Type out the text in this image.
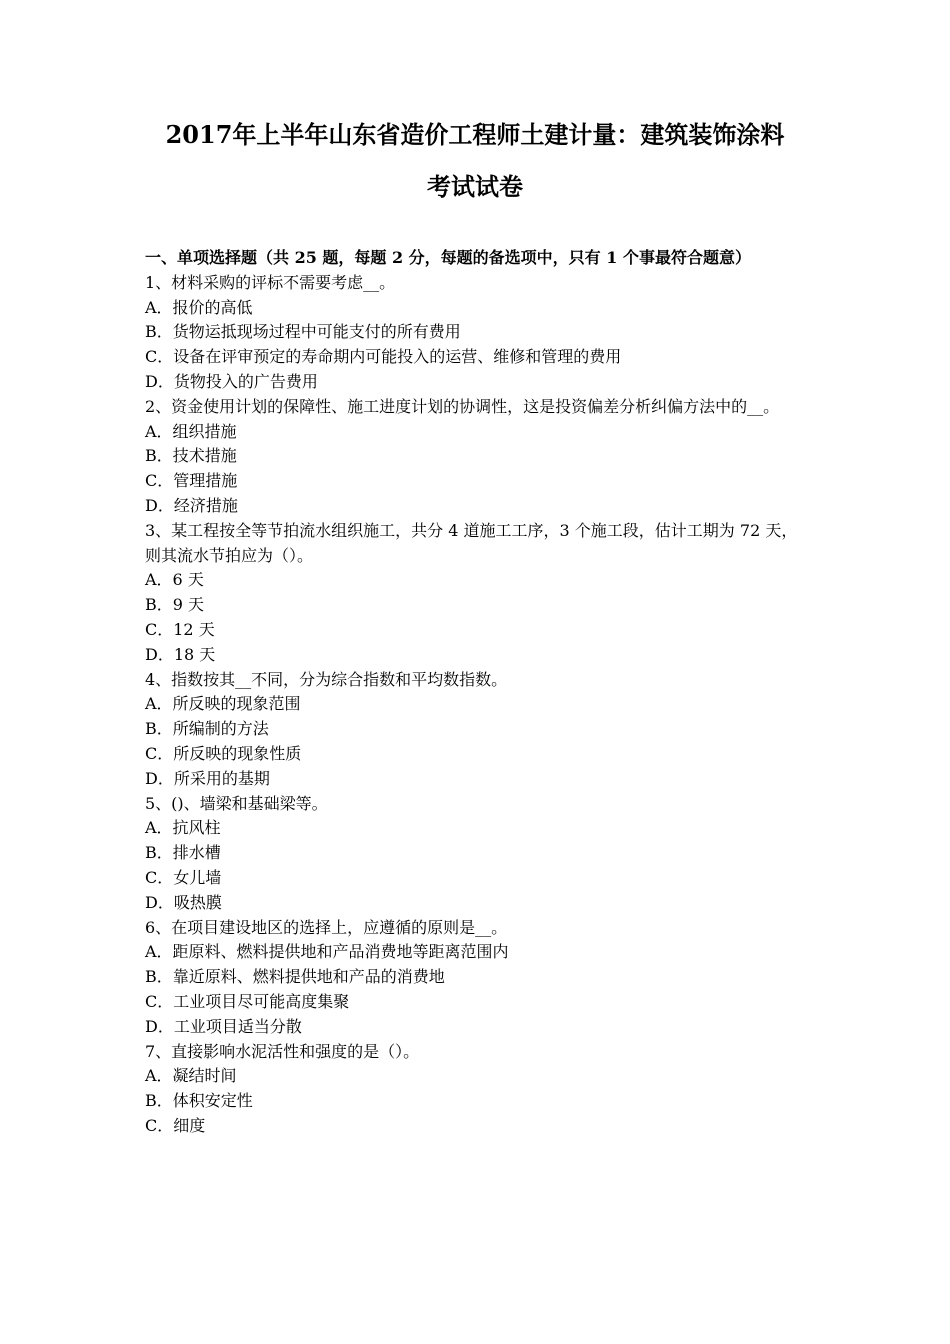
2017年上半年山东省造价工程师土建计量：建筑装饰涂料
考试试卷

一、单项选择题（共 25 题，每题 2 分，每题的备选项中，只有 1 个事最符合题意）

1、材料采购的评标不需要考虑__。

A．报价的高低

B．货物运抵现场过程中可能支付的所有费用

C．设备在评审预定的寿命期内可能投入的运营、维修和管理的费用

D．货物投入的广告费用

2、资金使用计划的保障性、施工进度计划的协调性，这是投资偏差分析纠偏方法中的__。

A．组织措施

B．技术措施

C．管理措施

D．经济措施

3、某工程按全等节拍流水组织施工，共分 4 道施工工序，3 个施工段，估计工期为 72 天，则其流水节拍应为（）。

A．6 天

B．9 天

C．12 天

D．18 天

4、指数按其__不同，分为综合指数和平均数指数。

A．所反映的现象范围

B．所编制的方法

C．所反映的现象性质

D．所采用的基期

5、()、墙梁和基础梁等。

A．抗风柱

B．排水槽

C．女儿墙

D．吸热膜

6、在项目建设地区的选择上，应遵循的原则是__。

A．距原料、燃料提供地和产品消费地等距离范围内

B．靠近原料、燃料提供地和产品的消费地

C．工业项目尽可能高度集聚

D．工业项目适当分散

7、直接影响水泥活性和强度的是（）。

A．凝结时间

B．体积安定性

C．细度
